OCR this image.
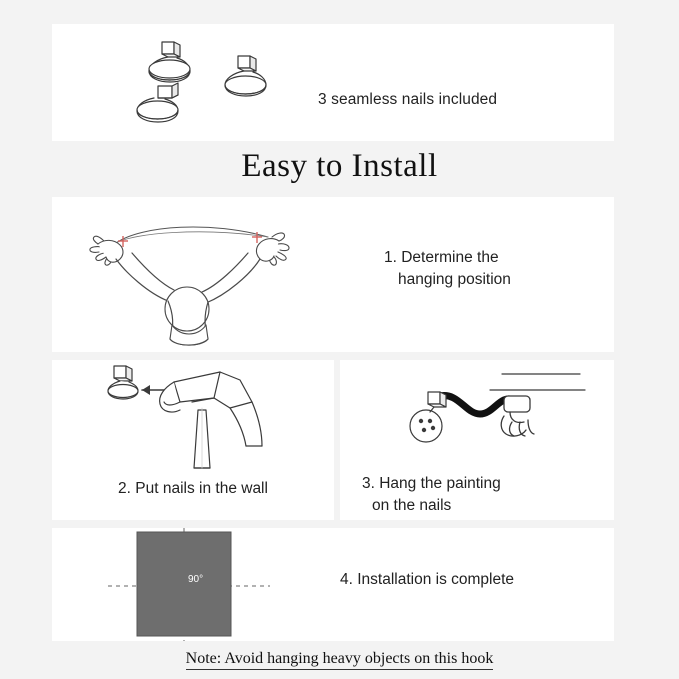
3 seamless nails included
Easy to Install
1. Determine the
hanging position
2. Put nails in the wall	3. Hang the painting
on the nails
90°	4. Installation is complete
Note: Avoid hanging heavy objects on this hook
